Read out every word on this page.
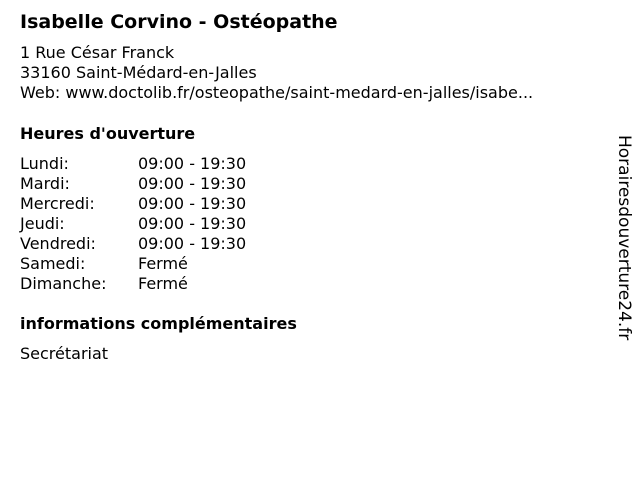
Isabelle Corvino - Ostéopathe
1 Rue César Franck
33160 Saint-Médard-en-Jalles
Web: www.doctolib.fr/osteopathe/saint-medard-en-jalles/isabe...
Heures d'ouverture
Lundi:	09:00 - 19:30
Mardi:	09:00 - 19:30
Mercredi:	09:00 - 19:30
Jeudi:	09:00 - 19:30
Vendredi:	09:00 - 19:30
Samedi:	Fermé
Dimanche: Fermé
informations complémentaires
Secrétariat
Horairesdouverture24.fr
